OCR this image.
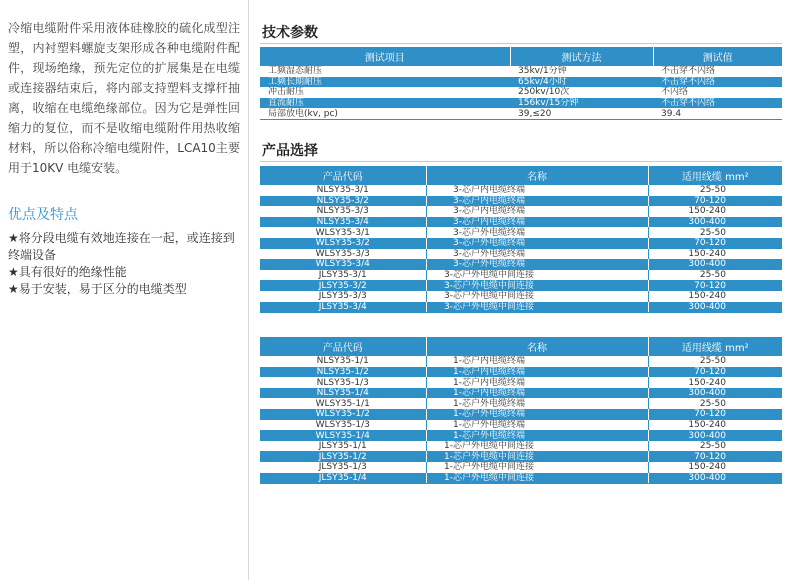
冷缩电缆附件采用液体硅橡胶的硫化成型注塑，内衬塑料螺旋支架形成各种电缆附件配件，现场绝缘，预先定位的扩展集是在电缆或连接器结束后，将内部支持塑料支撑杆抽离，收缩在电缆绝缘部位。因为它是弹性回缩力的复位，而不是收缩电缆附件用热收缩材料，所以俗称冷缩电缆附件，LCA10主要用于10KV 电缆安装。

优点及特点
★将分段电缆有效地连接在一起，或连接到终端设备
★具有很好的绝缘性能
★易于安装，易于区分的电缆类型
技术参数
测试项目	测试方法	测试值
工频湿态耐压	35kv/1分钟	不击穿不闪络
工频长期耐压	65kv/4小时	不击穿不闪络
冲击耐压	250kv/10次	不闪络
直流耐压	156kv/15分钟	不击穿不闪络
局部放电(kv, pc)	39,≤20	39.4
产品选择
产品代码	名称	适用线缆 mm²
NLSY35-3/1	3-芯户内电缆终端	25-50
NLSY35-3/2	3-芯户内电缆终端	70-120
NLSY35-3/3	3-芯户内电缆终端	150-240
NLSY35-3/4	3-芯户内电缆终端	300-400
WLSY35-3/1	3-芯户外电缆终端	25-50
WLSY35-3/2	3-芯户外电缆终端	70-120
WLSY35-3/3	3-芯户外电缆终端	150-240
WLSY35-3/4	3-芯户外电缆终端	300-400
JLSY35-3/1	3-芯户外电缆中间连接	25-50
JLSY35-3/2	3-芯户外电缆中间连接	70-120
JLSY35-3/3	3-芯户外电缆中间连接	150-240
JLSY35-3/4	3-芯户外电缆中间连接	300-400
产品代码	名称	适用线缆 mm²
NLSY35-1/1	1-芯户内电缆终端	25-50
NLSY35-1/2	1-芯户内电缆终端	70-120
NLSY35-1/3	1-芯户内电缆终端	150-240
NLSY35-1/4	1-芯户内电缆终端	300-400
WLSY35-1/1	1-芯户外电缆终端	25-50
WLSY35-1/2	1-芯户外电缆终端	70-120
WLSY35-1/3	1-芯户外电缆终端	150-240
WLSY35-1/4	1-芯户外电缆终端	300-400
JLSY35-1/1	1-芯户外电缆中间连接	25-50
JLSY35-1/2	1-芯户外电缆中间连接	70-120
JLSY35-1/3	1-芯户外电缆中间连接	150-240
JLSY35-1/4	1-芯户外电缆中间连接	300-400
